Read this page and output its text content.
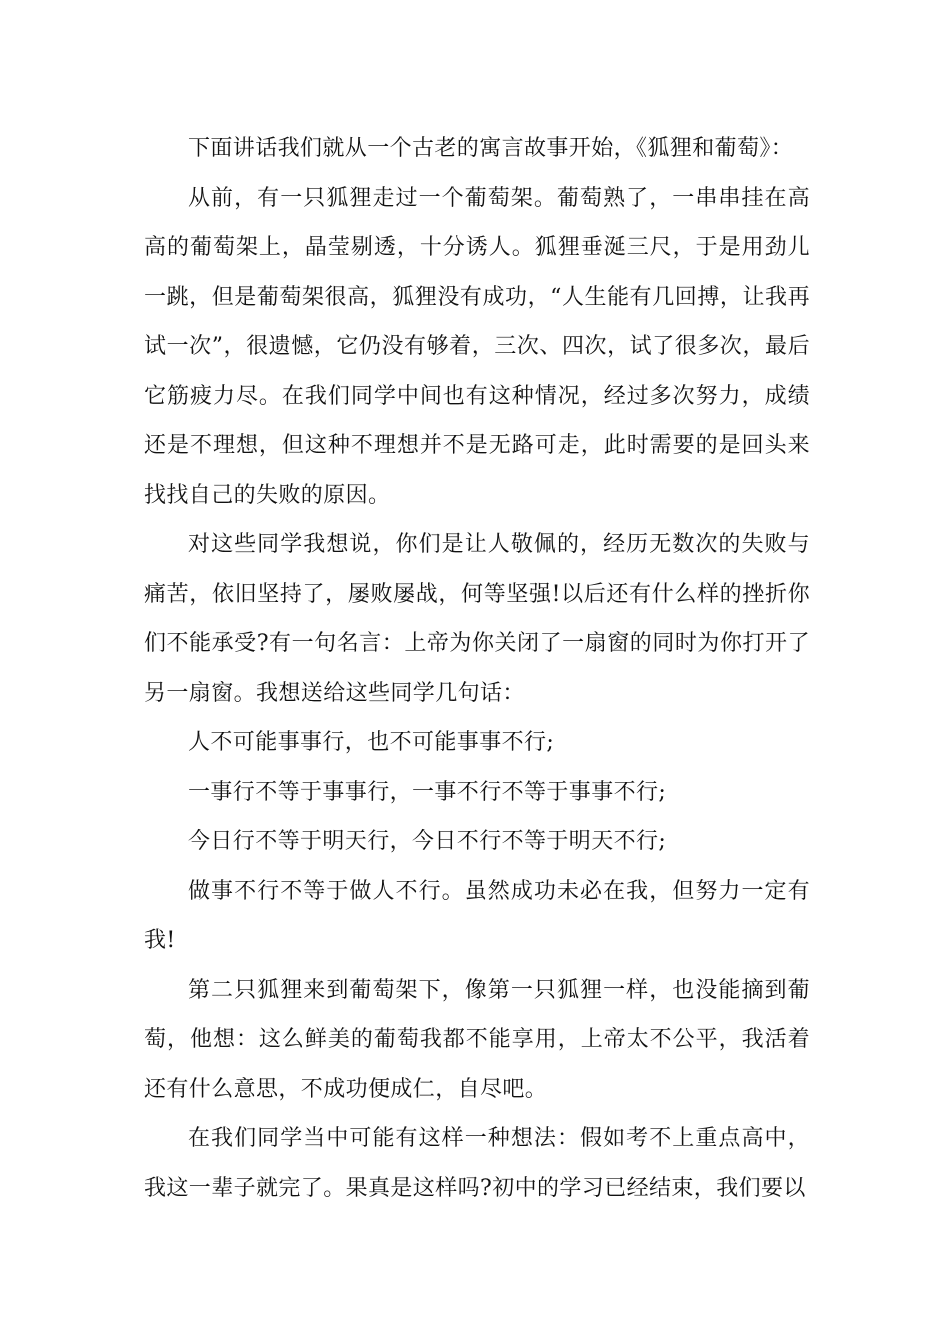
下面讲话我们就从一个古老的寓言故事开始，《狐狸和葡萄》：

从前，有一只狐狸走过一个葡萄架。葡萄熟了，一串串挂在高高的葡萄架上，晶莹剔透，十分诱人。狐狸垂涎三尺，于是用劲儿一跳，但是葡萄架很高，狐狸没有成功，“人生能有几回搏，让我再试一次”，很遗憾，它仍没有够着，三次、四次，试了很多次，最后它筋疲力尽。在我们同学中间也有这种情况，经过多次努力，成绩还是不理想，但这种不理想并不是无路可走，此时需要的是回头来找找自己的失败的原因。

对这些同学我想说，你们是让人敬佩的，经历无数次的失败与痛苦，依旧坚持了，屡败屡战，何等坚强!以后还有什么样的挫折你们不能承受?有一句名言：上帝为你关闭了一扇窗的同时为你打开了另一扇窗。我想送给这些同学几句话：

人不可能事事行，也不可能事事不行;

一事行不等于事事行，一事不行不等于事事不行;

今日行不等于明天行，今日不行不等于明天不行;

做事不行不等于做人不行。虽然成功未必在我，但努力一定有我!

第二只狐狸来到葡萄架下，像第一只狐狸一样，也没能摘到葡萄，他想：这么鲜美的葡萄我都不能享用，上帝太不公平，我活着还有什么意思，不成功便成仁，自尽吧。

在我们同学当中可能有这样一种想法：假如考不上重点高中，我这一辈子就完了。果真是这样吗?初中的学习已经结束，我们要以
